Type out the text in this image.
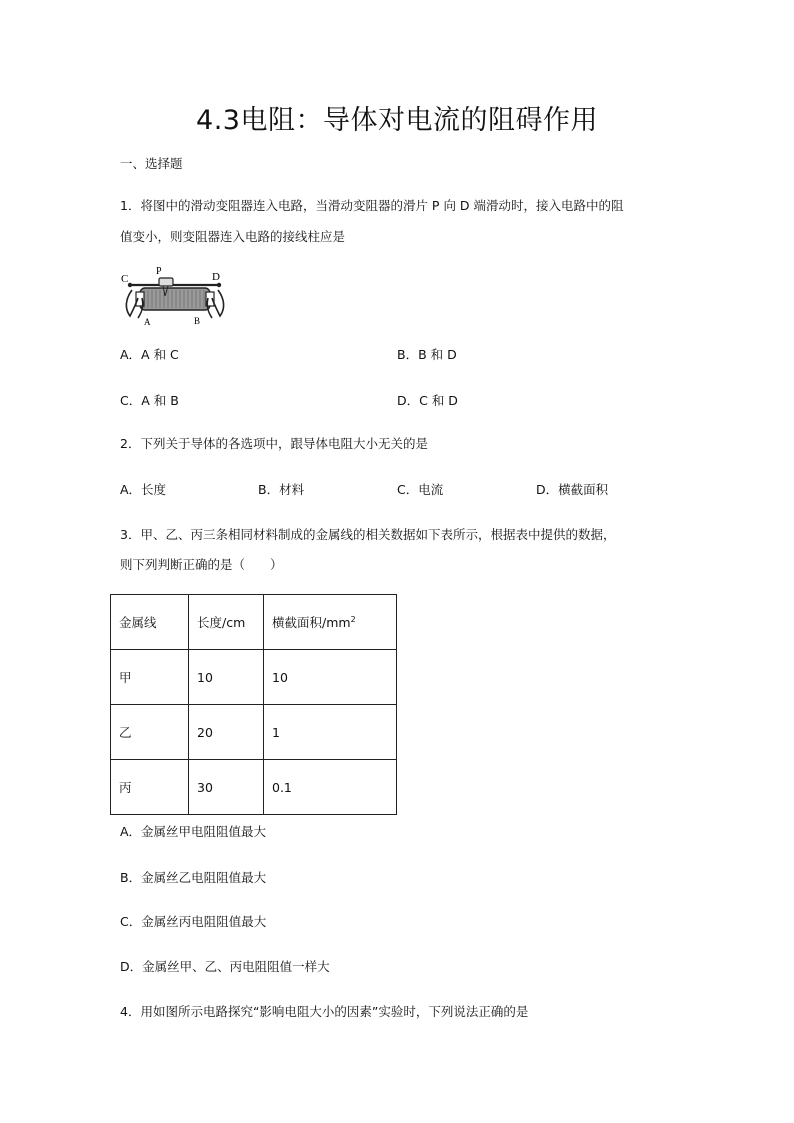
4.3电阻：导体对电流的阻碍作用
一、选择题
1．将图中的滑动变阻器连入电路，当滑动变阻器的滑片 P 向 D 端滑动时，接入电路中的阻
值变小，则变阻器连入电路的接线柱应是
C
P	D
A	B
A．A 和 C	B．B 和 D
C．A 和 B	D．C 和 D
2．下列关于导体的各选项中，跟导体电阻大小无关的是
A．长度	B．材料	C．电流	D．横截面积
3．甲、乙、丙三条相同材料制成的金属线的相关数据如下表所示，根据表中提供的数据，
则下列判断正确的是（　　）
金属线	长度/cm	横截面积$/mm^2$
甲	10	10
乙	20	1
丙	30	0.1
A．金属丝甲电阻阻值最大
B．金属丝乙电阻阻值最大
C．金属丝丙电阻阻值最大
D．金属丝甲、乙、丙电阻阻值一样大
4．用如图所示电路探究“影响电阻大小的因素”实验时，下列说法正确的是
